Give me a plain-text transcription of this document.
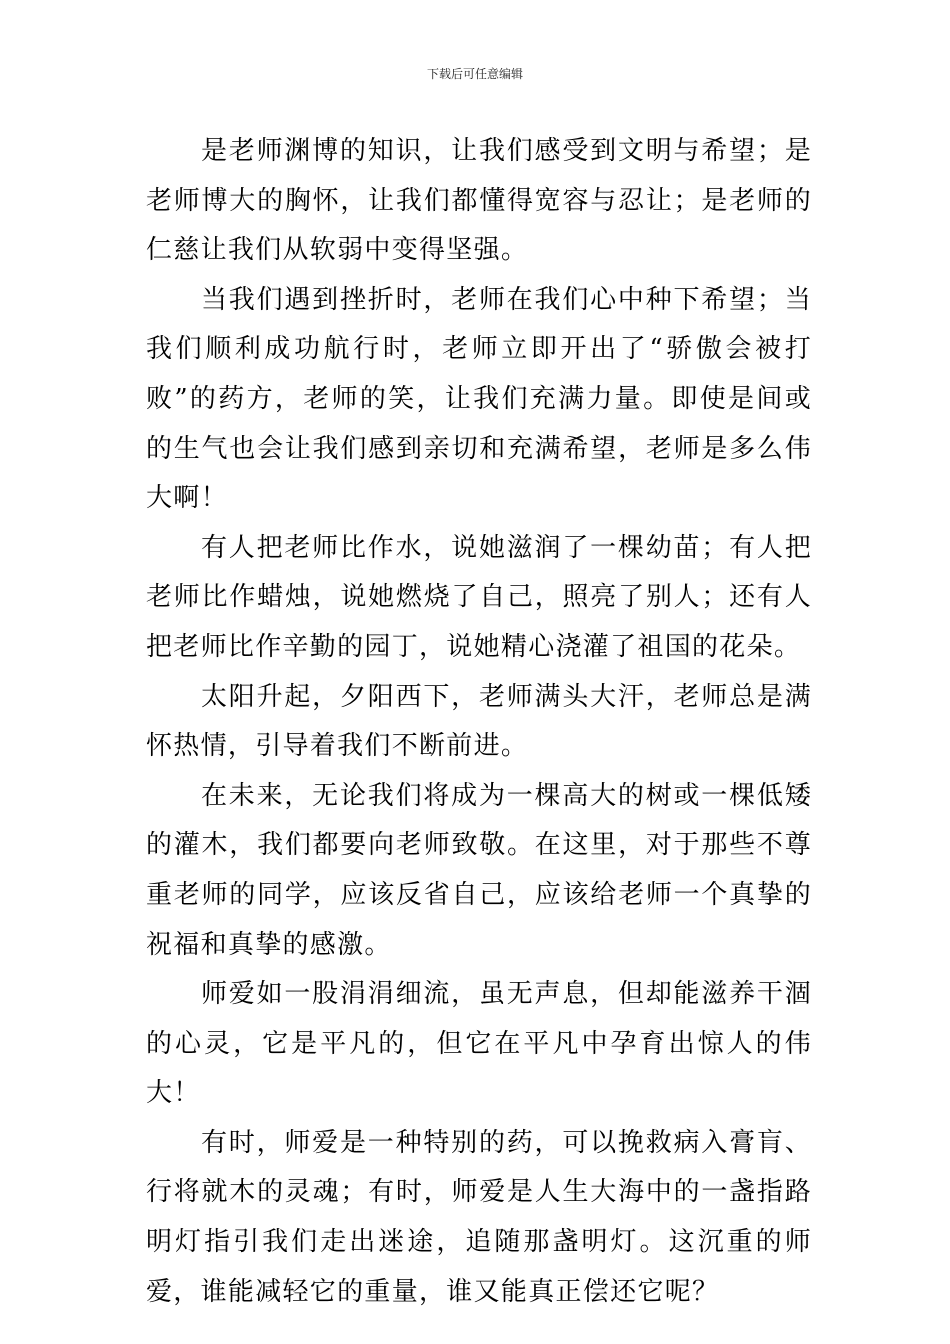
下载后可任意编辑

是老师渊博的知识，让我们感受到文明与希望；是老师博大的胸怀，让我们都懂得宽容与忍让；是老师的仁慈让我们从软弱中变得坚强。

当我们遇到挫折时，老师在我们心中种下希望；当我们顺利成功航行时，老师立即开出了“骄傲会被打败”的药方，老师的笑，让我们充满力量。即使是间或的生气也会让我们感到亲切和充满希望，老师是多么伟大啊！

有人把老师比作水，说她滋润了一棵幼苗；有人把老师比作蜡烛，说她燃烧了自己，照亮了别人；还有人把老师比作辛勤的园丁，说她精心浇灌了祖国的花朵。

太阳升起，夕阳西下，老师满头大汗，老师总是满怀热情，引导着我们不断前进。

在未来，无论我们将成为一棵高大的树或一棵低矮的灌木，我们都要向老师致敬。在这里，对于那些不尊重老师的同学，应该反省自己，应该给老师一个真挚的祝福和真挚的感激。

师爱如一股涓涓细流，虽无声息，但却能滋养干涸的心灵，它是平凡的，但它在平凡中孕育出惊人的伟大！

有时，师爱是一种特别的药，可以挽救病入膏肓、行将就木的灵魂；有时，师爱是人生大海中的一盏指路明灯指引我们走出迷途，追随那盏明灯。这沉重的师爱，谁能减轻它的重量，谁又能真正偿还它呢？
